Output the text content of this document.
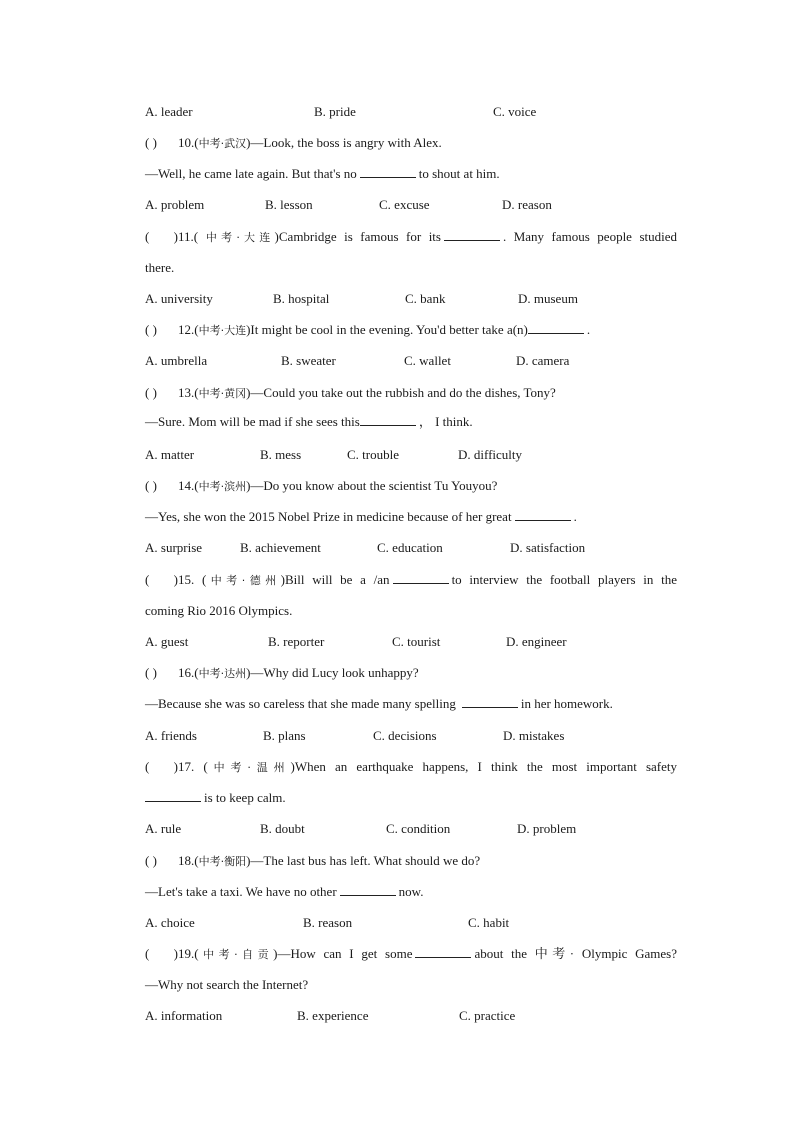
A. leader	B. pride	C. voice
( ) 10.(中考·武汉)—Look, the boss is angry with Alex.
—Well, he came late again. But that's no	to shout at him.
A. problem	B. lesson	C. excuse	D. reason
( )11.( 中考·大连)Cambridge is famous for its	. Many famous people studied
there.
A. university	B. hospital	C. bank	D. museum
( ) 12.(中考·大连)It might be cool in the evening. You'd better take a(n)	.
A. umbrella	B. sweater	C. wallet	D. camera
( ) 13.(中考·黄冈)—Could you take out the rubbish and do the dishes, Tony?
—Sure. Mom will be mad if she sees this	， I think.
A. matter	B. mess	C. trouble	D. difficulty
( ) 14.(中考·滨州)—Do you know about the scientist Tu Youyou?
—Yes, she won the 2015 Nobel Prize in medicine because of her great	.
A. surprise	B. achievement	C. education	D. satisfaction
( )15. (中考·德州)Bill will be a /an	to interview the football players in the
coming Rio 2016 Olympics.
A. guest	B. reporter	C. tourist	D. engineer
( ) 16.(中考·达州)—Why did Lucy look unhappy?
—Because she was so careless that she made many spelling	in her homework.
A. friends	B. plans	C. decisions	D. mistakes
( )17. (中考·温州)When an earthquake happens, I think the most important safety
is to keep calm.
A. rule	B. doubt	C. condition	D. problem
( ) 18.(中考·衡阳)—The last bus has left. What should we do?
—Let's take a taxi. We have no other	now.
A. choice	B. reason	C. habit
( )19.(中考·自贡)—How can I get some	about the 中考· Olympic Games?
—Why not search the Internet?
A. information	B. experience	C. practice
